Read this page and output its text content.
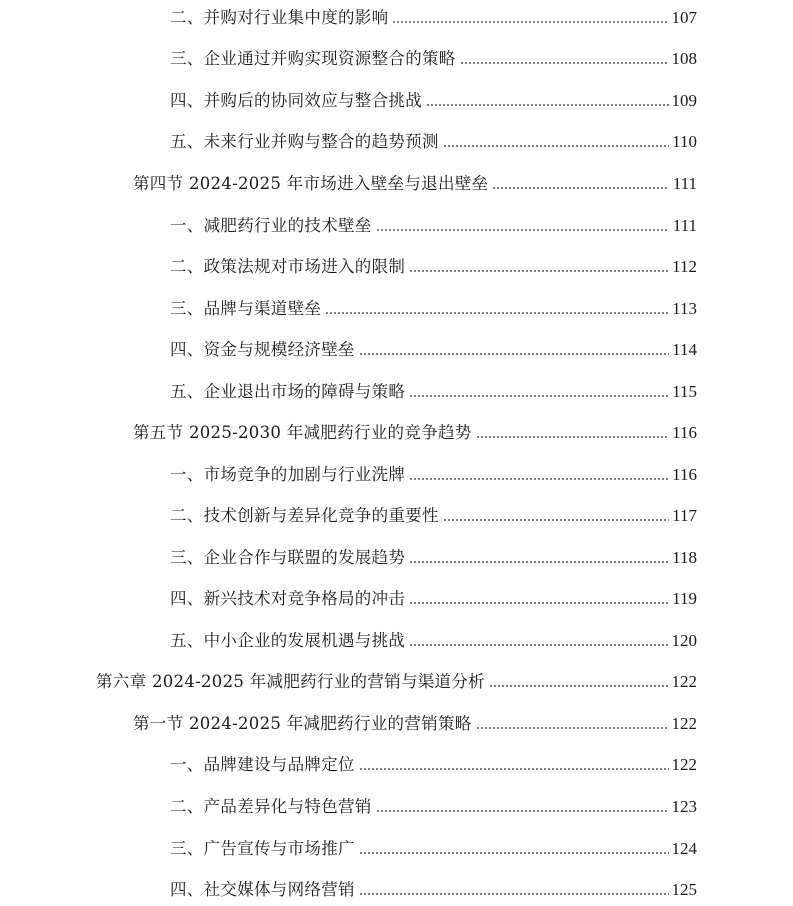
二、并购对行业集中度的影响	107
三、企业通过并购实现资源整合的策略	108
四、并购后的协同效应与整合挑战	109
五、未来行业并购与整合的趋势预测	110
第四节 2024-2025 年市场进入壁垒与退出壁垒	111
一、减肥药行业的技术壁垒	111
二、政策法规对市场进入的限制	112
三、品牌与渠道壁垒	113
四、资金与规模经济壁垒	114
五、企业退出市场的障碍与策略	115
第五节 2025-2030 年减肥药行业的竞争趋势	116
一、市场竞争的加剧与行业洗牌	116
二、技术创新与差异化竞争的重要性	117
三、企业合作与联盟的发展趋势	118
四、新兴技术对竞争格局的冲击	119
五、中小企业的发展机遇与挑战	120
第六章 2024-2025 年减肥药行业的营销与渠道分析	122
第一节 2024-2025 年减肥药行业的营销策略	122
一、品牌建设与品牌定位	122
二、产品差异化与特色营销	123
三、广告宣传与市场推广	124
四、社交媒体与网络营销	125
